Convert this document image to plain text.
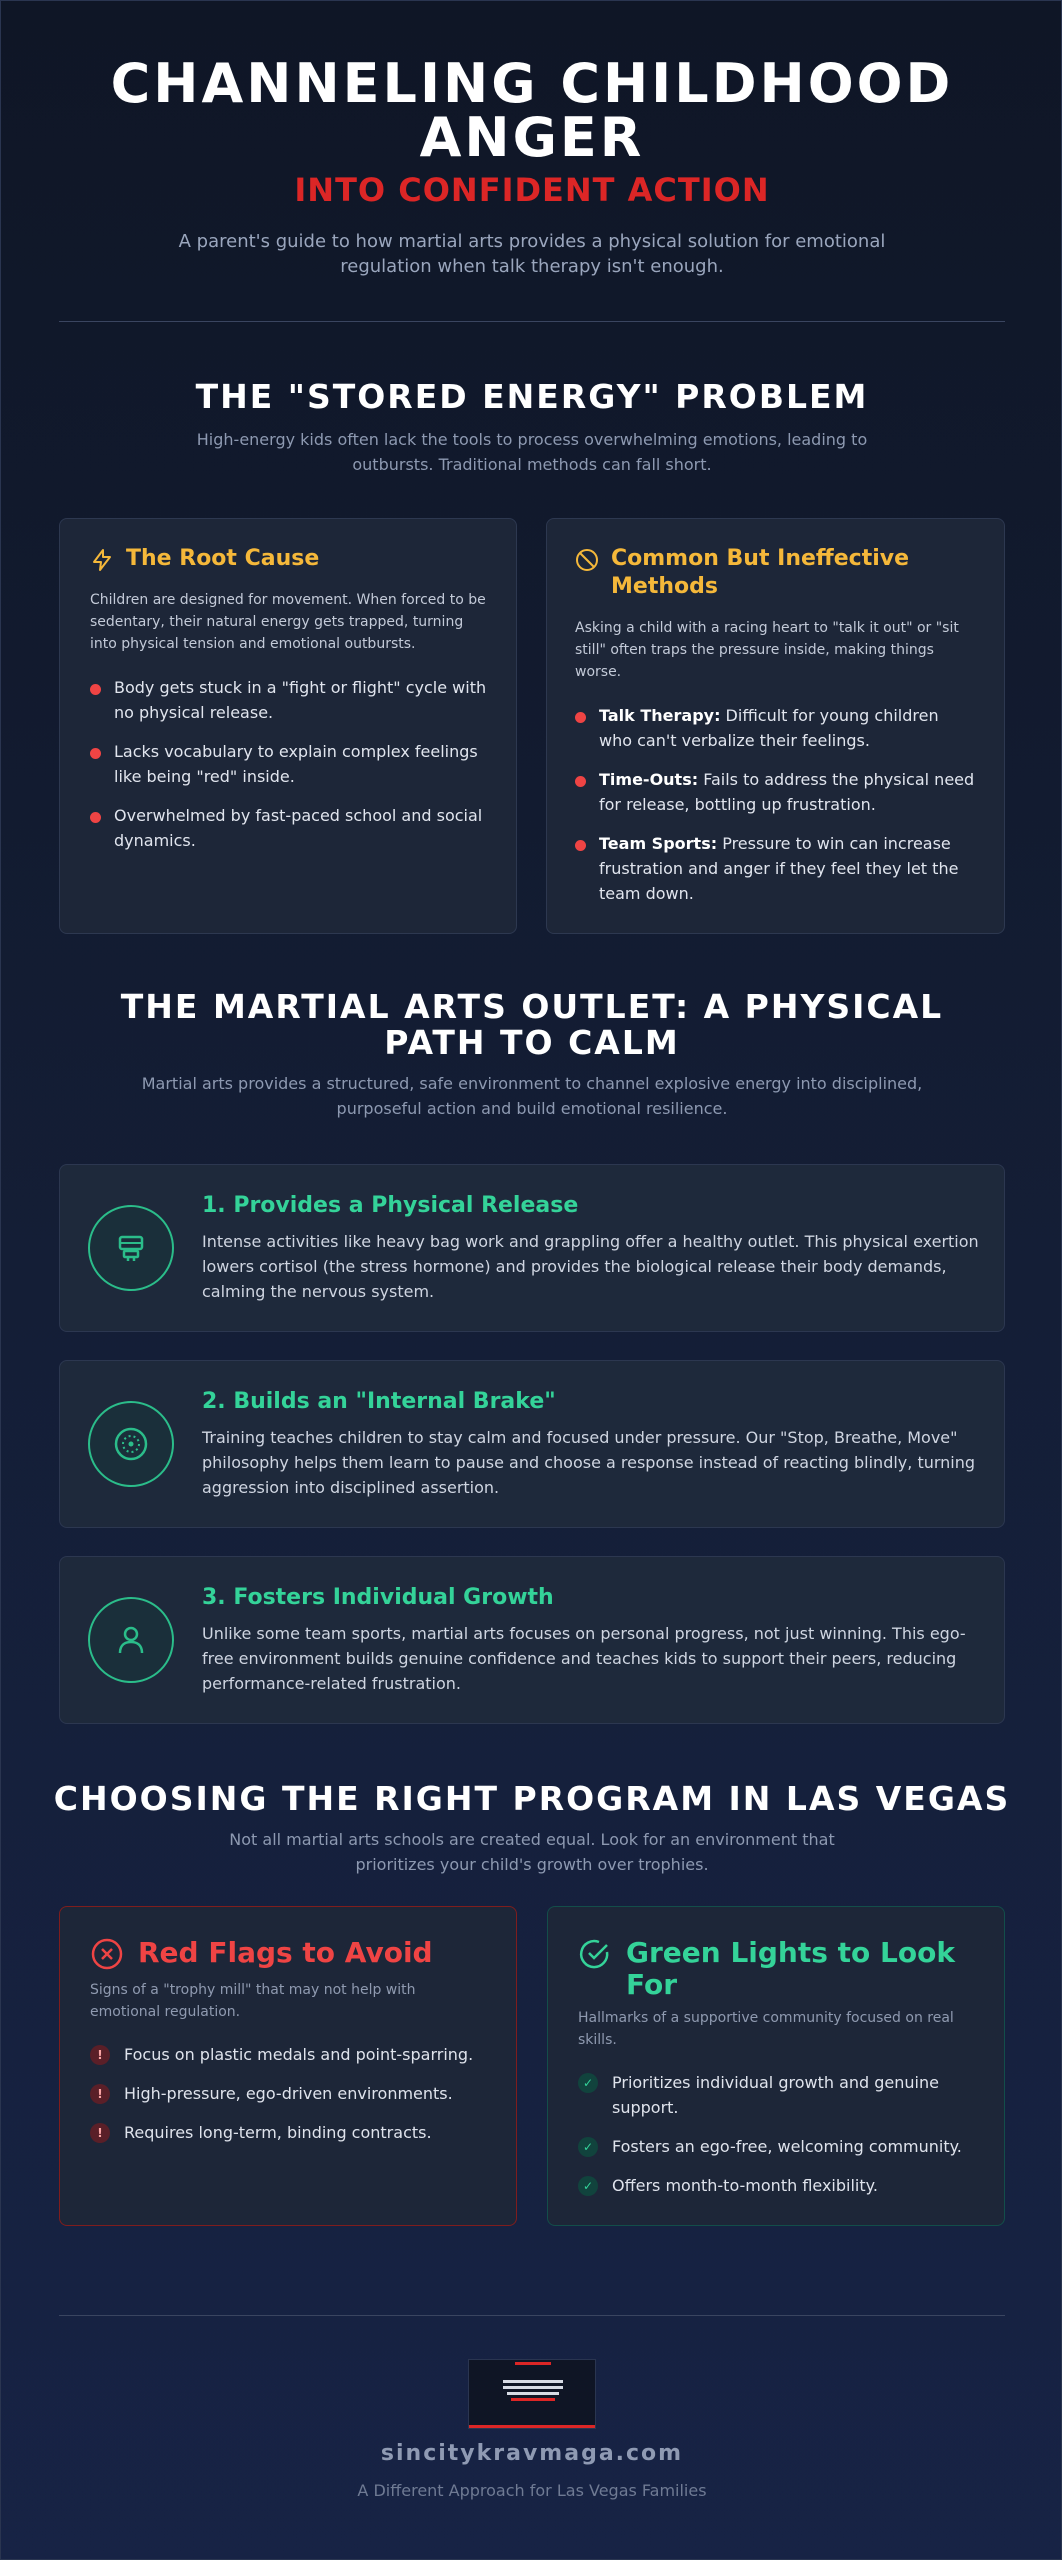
CHANNELING CHILDHOOD ANGER
INTO CONFIDENT ACTION

A parent's guide to how martial arts provides a physical solution for emotional regulation when talk therapy isn't enough.

THE "STORED ENERGY" PROBLEM

High-energy kids often lack the tools to process overwhelming emotions, leading to outbursts. Traditional methods can fall short.

The Root Cause

Children are designed for movement. When forced to be sedentary, their natural energy gets trapped, turning into physical tension and emotional outbursts.

Body gets stuck in a "fight or flight" cycle with no physical release.
Lacks vocabulary to explain complex feelings like being "red" inside.
Overwhelmed by fast-paced school and social dynamics.
Common But Ineffective Methods

Asking a child with a racing heart to "talk it out" or "sit still" often traps the pressure inside, making things worse.

Talk Therapy: Difficult for young children who can't verbalize their feelings.
Time-Outs: Fails to address the physical need for release, bottling up frustration.
Team Sports: Pressure to win can increase frustration and anger if they feel they let the team down.
THE MARTIAL ARTS OUTLET: A PHYSICAL PATH TO CALM

Martial arts provides a structured, safe environment to channel explosive energy into disciplined, purposeful action and build emotional resilience.

1. Provides a Physical Release

Intense activities like heavy bag work and grappling offer a healthy outlet. This physical exertion lowers cortisol (the stress hormone) and provides the biological release their body demands, calming the nervous system.

2. Builds an "Internal Brake"

Training teaches children to stay calm and focused under pressure. Our "Stop, Breathe, Move" philosophy helps them learn to pause and choose a response instead of reacting blindly, turning aggression into disciplined assertion.

3. Fosters Individual Growth

Unlike some team sports, martial arts focuses on personal progress, not just winning. This ego-free environment builds genuine confidence and teaches kids to support their peers, reducing performance-related frustration.

CHOOSING THE RIGHT PROGRAM IN LAS VEGAS

Not all martial arts schools are created equal. Look for an environment that prioritizes your child's growth over trophies.

Red Flags to Avoid

Signs of a "trophy mill" that may not help with emotional regulation.

!	Focus on plastic medals and point-sparring.
!	High-pressure, ego-driven environments.
!	Requires long-term, binding contracts.
Green Lights to Look For

Hallmarks of a supportive community focused on real skills.

✓	Prioritizes individual growth and genuine support.
✓	Fosters an ego-free, welcoming community.
✓	Offers month-to-month flexibility.
sincitykravmaga.com
A Different Approach for Las Vegas Families
